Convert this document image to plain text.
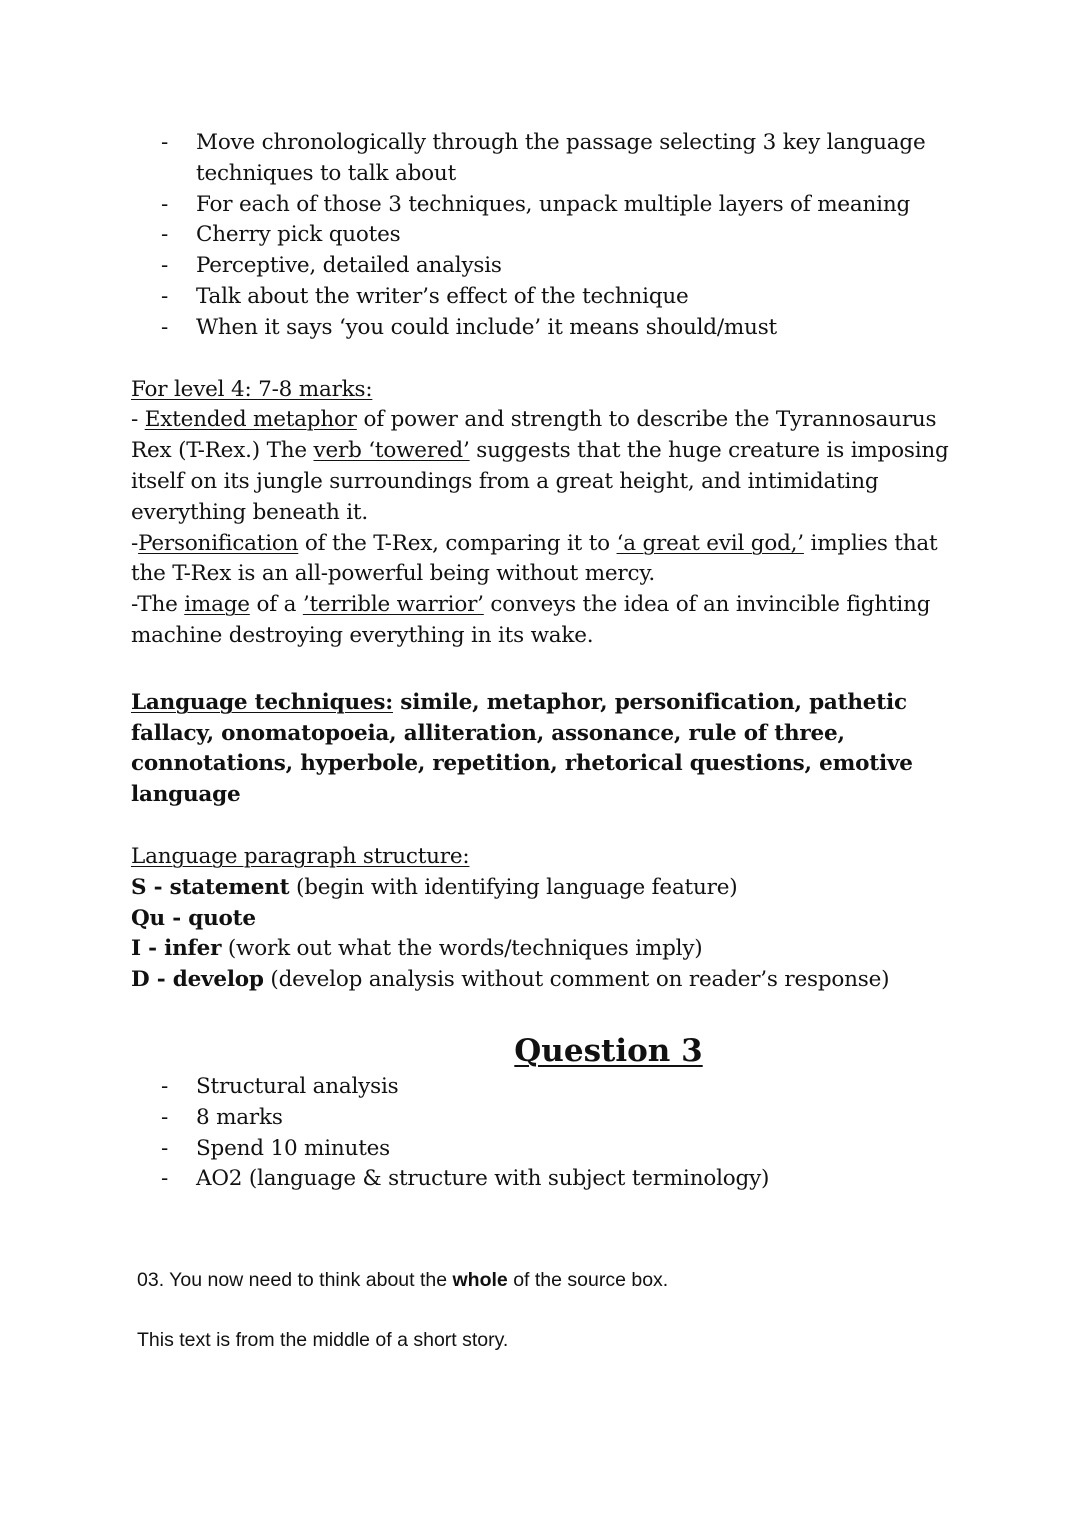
- Move chronologically through the passage selecting 3 key language techniques to talk about
- For each of those 3 techniques, unpack multiple layers of meaning
- Cherry pick quotes
- Perceptive, detailed analysis
- Talk about the writer’s effect of the technique
- When it says ‘you could include’ it means should/must
For level 4: 7-8 marks:
- Extended metaphor of power and strength to describe the Tyrannosaurus Rex (T-Rex.) The verb ‘towered’ suggests that the huge creature is imposing itself on its jungle surroundings from a great height, and intimidating everything beneath it.
-Personification of the T-Rex, comparing it to ‘a great evil god,’ implies that the T-Rex is an all-powerful being without mercy.
-The image of a ’terrible warrior’ conveys the idea of an invincible fighting machine destroying everything in its wake.
Language techniques: simile, metaphor, personification, pathetic fallacy, onomatopoeia, alliteration, assonance, rule of three, connotations, hyperbole, repetition, rhetorical questions, emotive language
Language paragraph structure:
S - statement (begin with identifying language feature)
Qu - quote
I - infer (work out what the words/techniques imply)
D - develop (develop analysis without comment on reader’s response)
Question 3
- Structural analysis
- 8 marks
- Spend 10 minutes
- AO2 (language & structure with subject terminology)
03. You now need to think about the whole of the source box.
This text is from the middle of a short story.
